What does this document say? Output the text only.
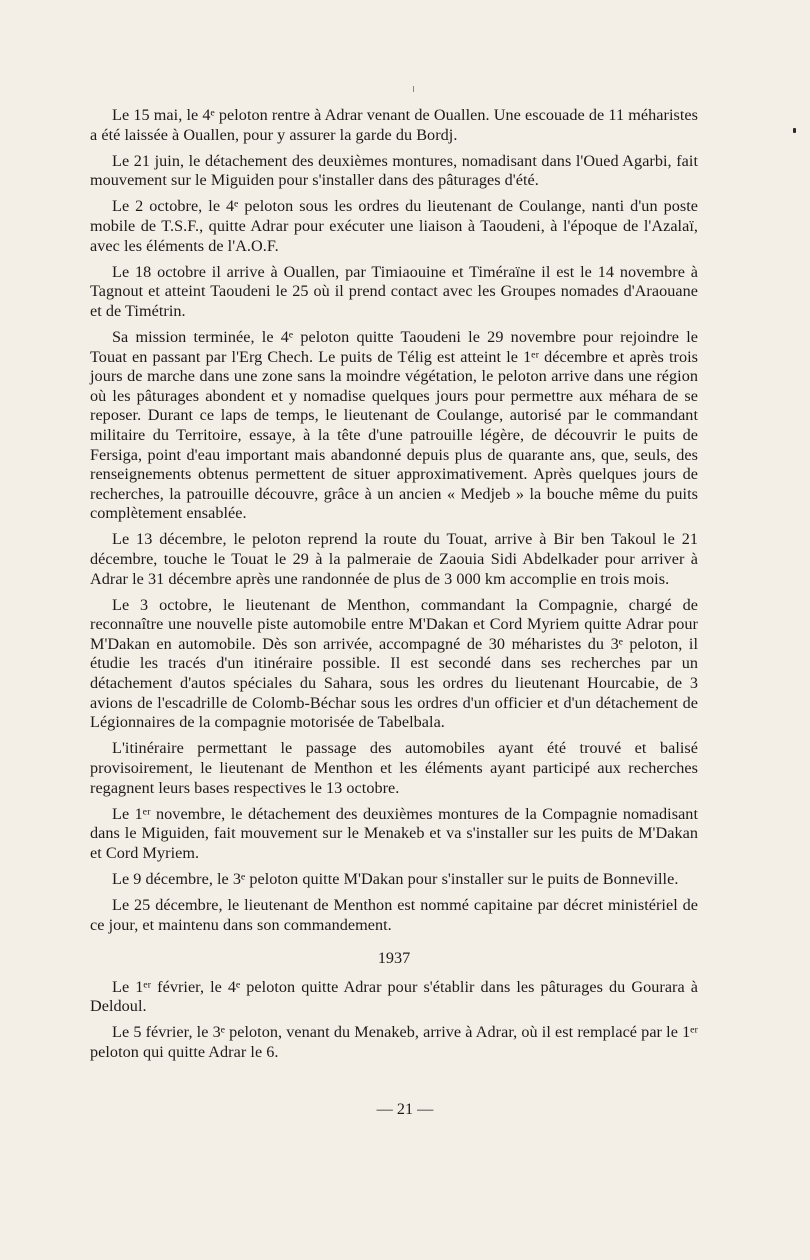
Le 15 mai, le 4ᵉ peloton rentre à Adrar venant de Ouallen. Une escouade de 11 méharistes a été laissée à Ouallen, pour y assurer la garde du Bordj.

Le 21 juin, le détachement des deuxièmes montures, nomadisant dans l'Oued Agarbi, fait mouvement sur le Miguiden pour s'installer dans des pâturages d'été.

Le 2 octobre, le 4ᵉ peloton sous les ordres du lieutenant de Coulange, nanti d'un poste mobile de T.S.F., quitte Adrar pour exécuter une liaison à Taoudeni, à l'époque de l'Azalaï, avec les éléments de l'A.O.F.

Le 18 octobre il arrive à Ouallen, par Timiaouine et Timéraïne il est le 14 novembre à Tagnout et atteint Taoudeni le 25 où il prend contact avec les Groupes nomades d'Araouane et de Timétrin.

Sa mission terminée, le 4ᵉ peloton quitte Taoudeni le 29 novembre pour rejoindre le Touat en passant par l'Erg Chech. Le puits de Télig est atteint le 1ᵉʳ décembre et après trois jours de marche dans une zone sans la moindre végétation, le peloton arrive dans une région où les pâturages abondent et y nomadise quelques jours pour permettre aux méhara de se reposer. Durant ce laps de temps, le lieutenant de Coulange, autorisé par le commandant militaire du Territoire, essaye, à la tête d'une patrouille légère, de découvrir le puits de Fersiga, point d'eau important mais abandonné depuis plus de quarante ans, que, seuls, des renseignements obtenus permettent de situer approximativement. Après quelques jours de recherches, la patrouille découvre, grâce à un ancien « Medjeb » la bouche même du puits complètement ensablée.

Le 13 décembre, le peloton reprend la route du Touat, arrive à Bir ben Takoul le 21 décembre, touche le Touat le 29 à la palmeraie de Zaouia Sidi Abdelkader pour arriver à Adrar le 31 décembre après une randonnée de plus de 3 000 km accomplie en trois mois.

Le 3 octobre, le lieutenant de Menthon, commandant la Compagnie, chargé de reconnaître une nouvelle piste automobile entre M'Dakan et Cord Myriem quitte Adrar pour M'Dakan en automobile. Dès son arrivée, accompagné de 30 méharistes du 3ᵉ peloton, il étudie les tracés d'un itinéraire possible. Il est secondé dans ses recherches par un détachement d'autos spéciales du Sahara, sous les ordres du lieutenant Hourcabie, de 3 avions de l'escadrille de Colomb-Béchar sous les ordres d'un officier et d'un détachement de Légionnaires de la compagnie motorisée de Tabelbala.

L'itinéraire permettant le passage des automobiles ayant été trouvé et balisé provisoirement, le lieutenant de Menthon et les éléments ayant participé aux recherches regagnent leurs bases respectives le 13 octobre.

Le 1ᵉʳ novembre, le détachement des deuxièmes montures de la Compagnie nomadisant dans le Miguiden, fait mouvement sur le Menakeb et va s'installer sur les puits de M'Dakan et Cord Myriem.

Le 9 décembre, le 3ᵉ peloton quitte M'Dakan pour s'installer sur le puits de Bonneville.

Le 25 décembre, le lieutenant de Menthon est nommé capitaine par décret ministériel de ce jour, et maintenu dans son commandement.

1937

Le 1ᵉʳ février, le 4ᵉ peloton quitte Adrar pour s'établir dans les pâturages du Gourara à Deldoul.

Le 5 février, le 3ᵉ peloton, venant du Menakeb, arrive à Adrar, où il est remplacé par le 1ᵉʳ peloton qui quitte Adrar le 6.

— 21 —
